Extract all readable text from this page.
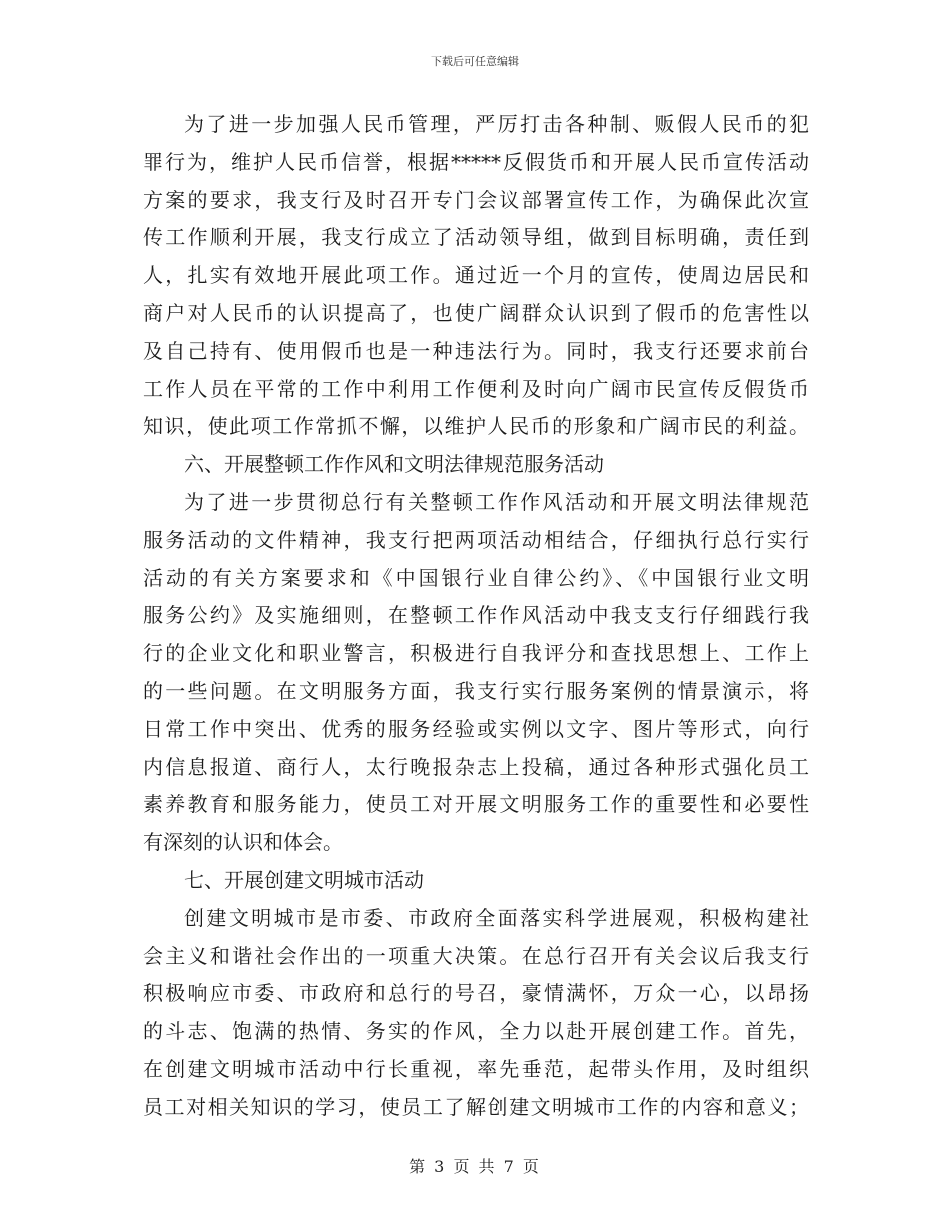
下载后可任意编辑
为了进一步加强人民币管理，严厉打击各种制、贩假人民币的犯
罪行为，维护人民币信誉，根据*****反假货币和开展人民币宣传活动
方案的要求，我支行及时召开专门会议部署宣传工作，为确保此次宣
传工作顺利开展，我支行成立了活动领导组，做到目标明确，责任到
人，扎实有效地开展此项工作。通过近一个月的宣传，使周边居民和
商户对人民币的认识提高了，也使广阔群众认识到了假币的危害性以
及自己持有、使用假币也是一种违法行为。同时，我支行还要求前台
工作人员在平常的工作中利用工作便利及时向广阔市民宣传反假货币
知识，使此项工作常抓不懈，以维护人民币的形象和广阔市民的利益。
六、开展整顿工作作风和文明法律规范服务活动
为了进一步贯彻总行有关整顿工作作风活动和开展文明法律规范
服务活动的文件精神，我支行把两项活动相结合，仔细执行总行实行
活动的有关方案要求和《中国银行业自律公约》、《中国银行业文明
服务公约》及实施细则，在整顿工作作风活动中我支支行仔细践行我
行的企业文化和职业警言，积极进行自我评分和查找思想上、工作上
的一些问题。在文明服务方面，我支行实行服务案例的情景演示，将
日常工作中突出、优秀的服务经验或实例以文字、图片等形式，向行
内信息报道、商行人，太行晚报杂志上投稿，通过各种形式强化员工
素养教育和服务能力，使员工对开展文明服务工作的重要性和必要性
有深刻的认识和体会。
七、开展创建文明城市活动
创建文明城市是市委、市政府全面落实科学进展观，积极构建社
会主义和谐社会作出的一项重大决策。在总行召开有关会议后我支行
积极响应市委、市政府和总行的号召，豪情满怀，万众一心，以昂扬
的斗志、饱满的热情、务实的作风，全力以赴开展创建工作。首先，
在创建文明城市活动中行长重视，率先垂范，起带头作用，及时组织
员工对相关知识的学习，使员工了解创建文明城市工作的内容和意义；
第 3 页 共 7 页
